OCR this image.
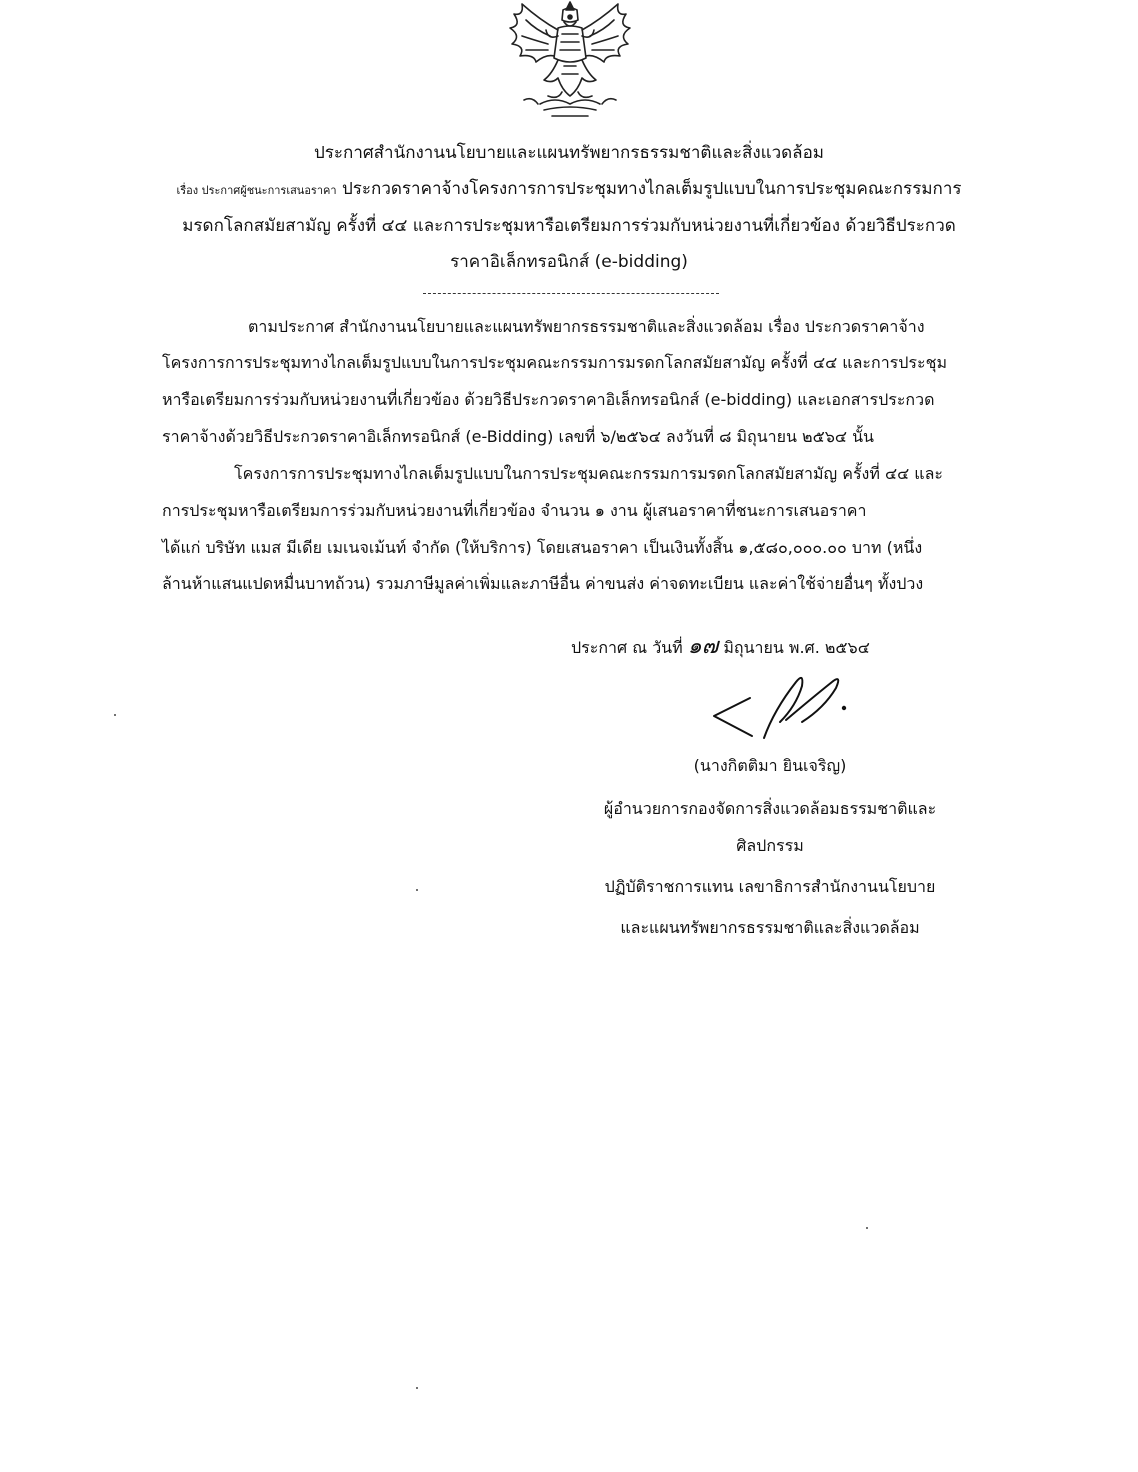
ประกาศสำนักงานนโยบายและแผนทรัพยากรธรรมชาติและสิ่งแวดล้อม
เรื่อง ประกาศผู้ชนะการเสนอราคา ประกวดราคาจ้างโครงการการประชุมทางไกลเต็มรูปแบบในการประชุมคณะกรรมการ
มรดกโลกสมัยสามัญ ครั้งที่ ๔๔ และการประชุมหารือเตรียมการร่วมกับหน่วยงานที่เกี่ยวข้อง ด้วยวิธีประกวด
ราคาอิเล็กทรอนิกส์ (e-bidding)
ตามประกาศ สำนักงานนโยบายและแผนทรัพยากรธรรมชาติและสิ่งแวดล้อม เรื่อง ประกวดราคาจ้าง
โครงการการประชุมทางไกลเต็มรูปแบบในการประชุมคณะกรรมการมรดกโลกสมัยสามัญ ครั้งที่ ๔๔ และการประชุม
หารือเตรียมการร่วมกับหน่วยงานที่เกี่ยวข้อง ด้วยวิธีประกวดราคาอิเล็กทรอนิกส์ (e-bidding) และเอกสารประกวด
ราคาจ้างด้วยวิธีประกวดราคาอิเล็กทรอนิกส์ (e-Bidding) เลขที่ ๖/๒๕๖๔ ลงวันที่ ๘ มิถุนายน ๒๕๖๔ นั้น
โครงการการประชุมทางไกลเต็มรูปแบบในการประชุมคณะกรรมการมรดกโลกสมัยสามัญ ครั้งที่ ๔๔ และ
การประชุมหารือเตรียมการร่วมกับหน่วยงานที่เกี่ยวข้อง จำนวน ๑ งาน ผู้เสนอราคาที่ชนะการเสนอราคา
ได้แก่ บริษัท แมส มีเดีย เมเนจเม้นท์ จำกัด (ให้บริการ) โดยเสนอราคา เป็นเงินทั้งสิ้น ๑,๕๘๐,๐๐๐.๐๐ บาท (หนึ่ง
ล้านห้าแสนแปดหมื่นบาทถ้วน) รวมภาษีมูลค่าเพิ่มและภาษีอื่น ค่าขนส่ง ค่าจดทะเบียน และค่าใช้จ่ายอื่นๆ ทั้งปวง
ประกาศ ณ วันที่ ๑๗ มิถุนายน พ.ศ. ๒๕๖๔
(นางกิตติมา ยินเจริญ)
ผู้อำนวยการกองจัดการสิ่งแวดล้อมธรรมชาติและ
ศิลปกรรม
ปฏิบัติราชการแทน เลขาธิการสำนักงานนโยบาย
และแผนทรัพยากรธรรมชาติและสิ่งแวดล้อม
